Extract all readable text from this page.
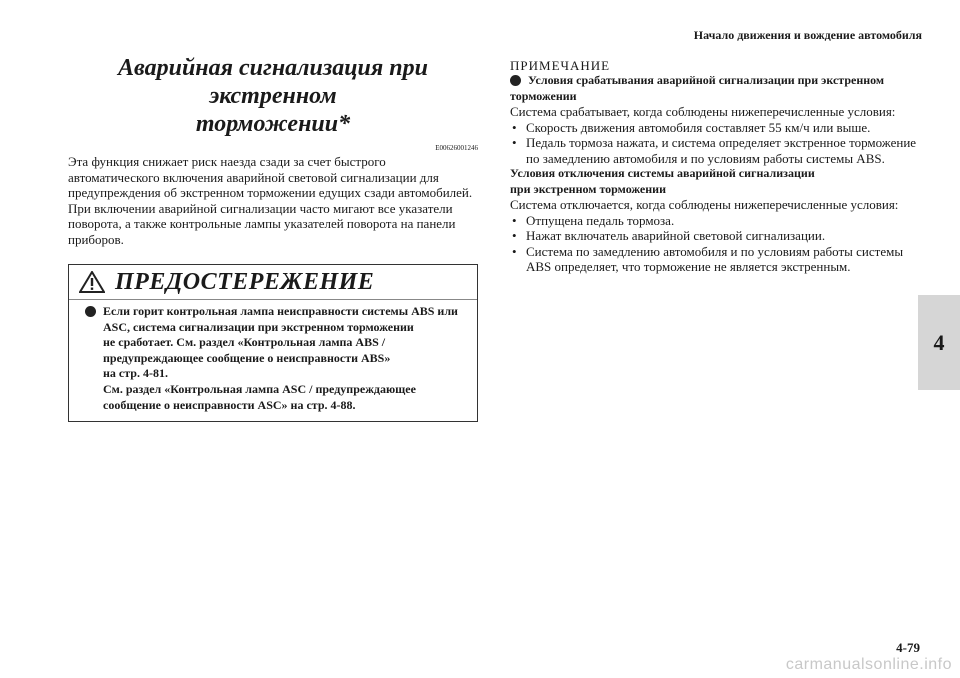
Начало движения и вождение автомобиля
4
Аварийная сигнализация при экстренном
торможении*
E00626001246

Эта функция снижает риск наезда сзади за счет быстрого автоматического включения аварийной световой сигнализации для предупреждения об экстренном торможении едущих сзади автомобилей. При включении аварийной сигнализации часто мигают все указатели поворота, а также контрольные лампы указателей поворота на панели приборов.

ПРЕДОСТЕРЕЖЕНИЕ
Если горит контрольная лампа неисправности системы ABS или
ASC, система сигнализации при экстренном торможении
не сработает. См. раздел «Контрольная лампа ABS /
предупреждающее сообщение о неисправности ABS»
на стр. 4-81.
См. раздел «Контрольная лампа ASC / предупреждающее
сообщение о неисправности ASC» на стр. 4-88.
ПРИМЕЧАНИЕ
Условия срабатывания аварийной сигнализации при экстренном
торможении
Система срабатывает, когда соблюдены нижеперечисленные условия:
• Скорость движения автомобиля составляет 55 км/ч или выше.
• Педаль тормоза нажата, и система определяет экстренное торможение по замедлению автомобиля и по условиям работы системы ABS.
Условия отключения системы аварийной сигнализации
при экстренном торможении
Система отключается, когда соблюдены нижеперечисленные условия:
• Отпущена педаль тормоза.
• Нажат включатель аварийной световой сигнализации.
• Система по замедлению автомобиля и по условиям работы системы ABS определяет, что торможение не является экстренным.
4-79
carmanualsonline.info
